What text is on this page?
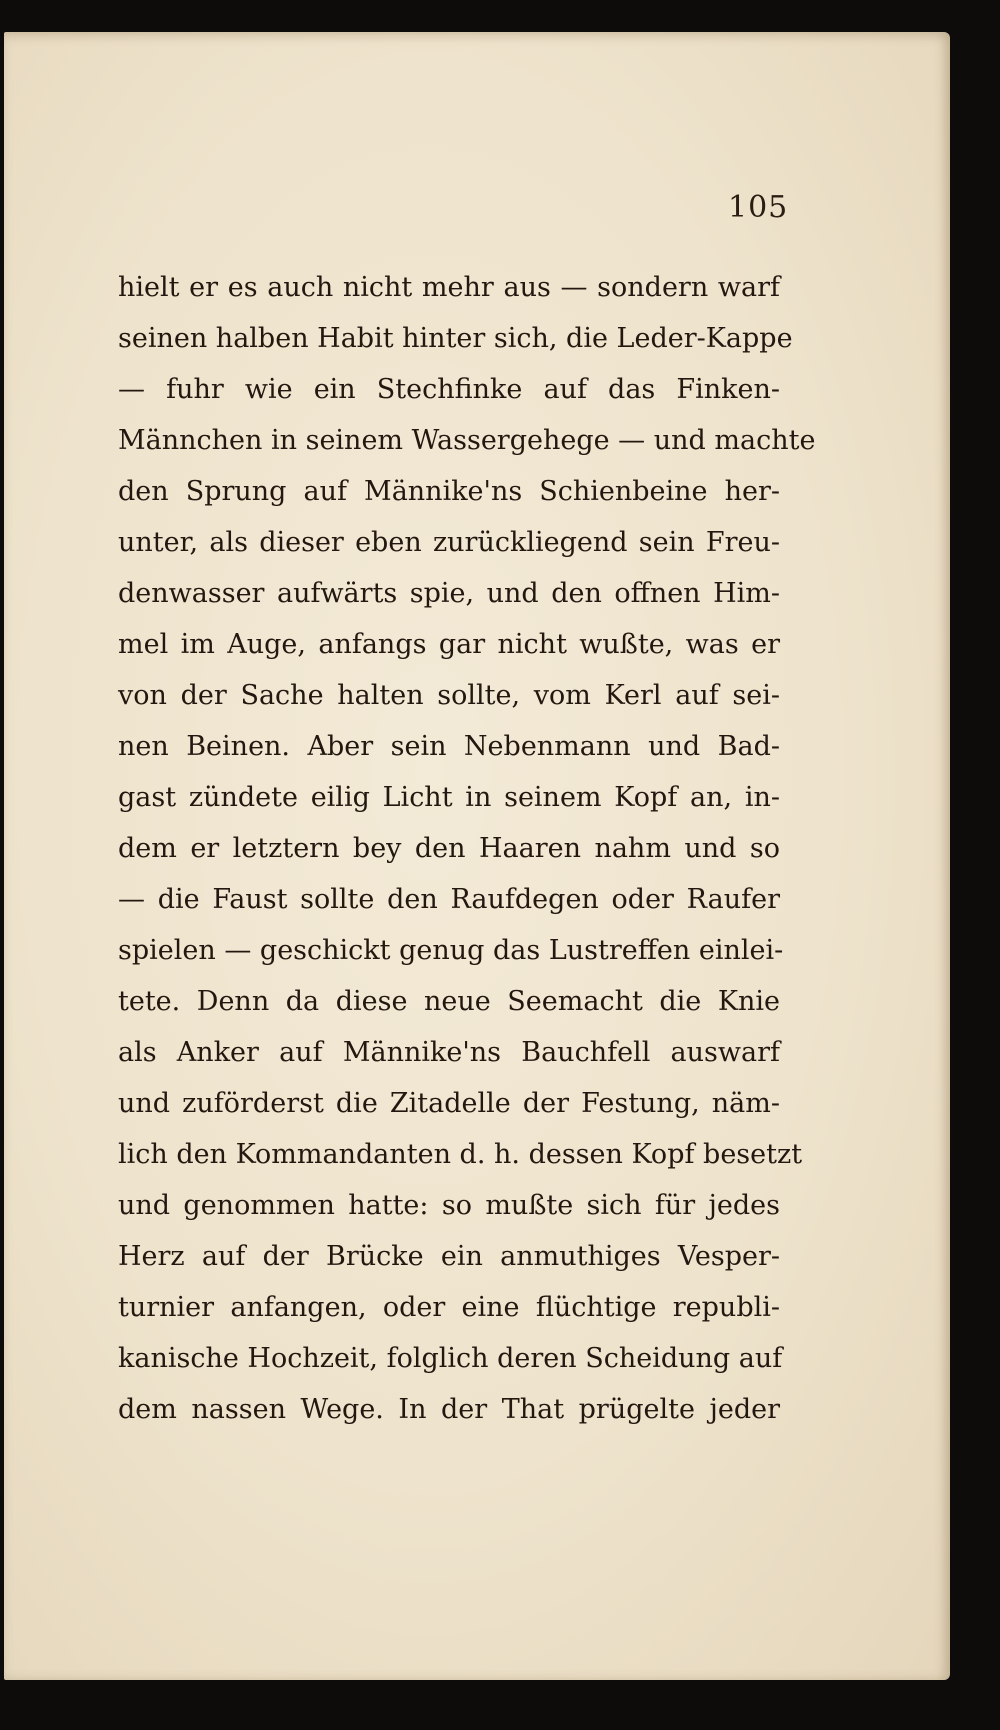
105
hielt er es auch nicht mehr aus — sondern warf
seinen halben Habit hinter sich, die Leder-Kappe
— fuhr wie ein Stechfinke auf das Finken-
Männchen in seinem Wassergehege — und machte
den Sprung auf Männike'ns Schienbeine her-
unter, als dieser eben zurückliegend sein Freu-
denwasser aufwärts spie, und den offnen Him-
mel im Auge, anfangs gar nicht wußte, was er
von der Sache halten sollte, vom Kerl auf sei-
nen Beinen. Aber sein Nebenmann und Bad-
gast zündete eilig Licht in seinem Kopf an, in-
dem er letztern bey den Haaren nahm und so
— die Faust sollte den Raufdegen oder Raufer
spielen — geschickt genug das Lustreffen einlei-
tete. Denn da diese neue Seemacht die Knie
als Anker auf Männike'ns Bauchfell auswarf
und zuförderst die Zitadelle der Festung, näm-
lich den Kommandanten d. h. dessen Kopf besetzt
und genommen hatte: so mußte sich für jedes
Herz auf der Brücke ein anmuthiges Vesper-
turnier anfangen, oder eine flüchtige republi-
kanische Hochzeit, folglich deren Scheidung auf
dem nassen Wege. In der That prügelte jeder
